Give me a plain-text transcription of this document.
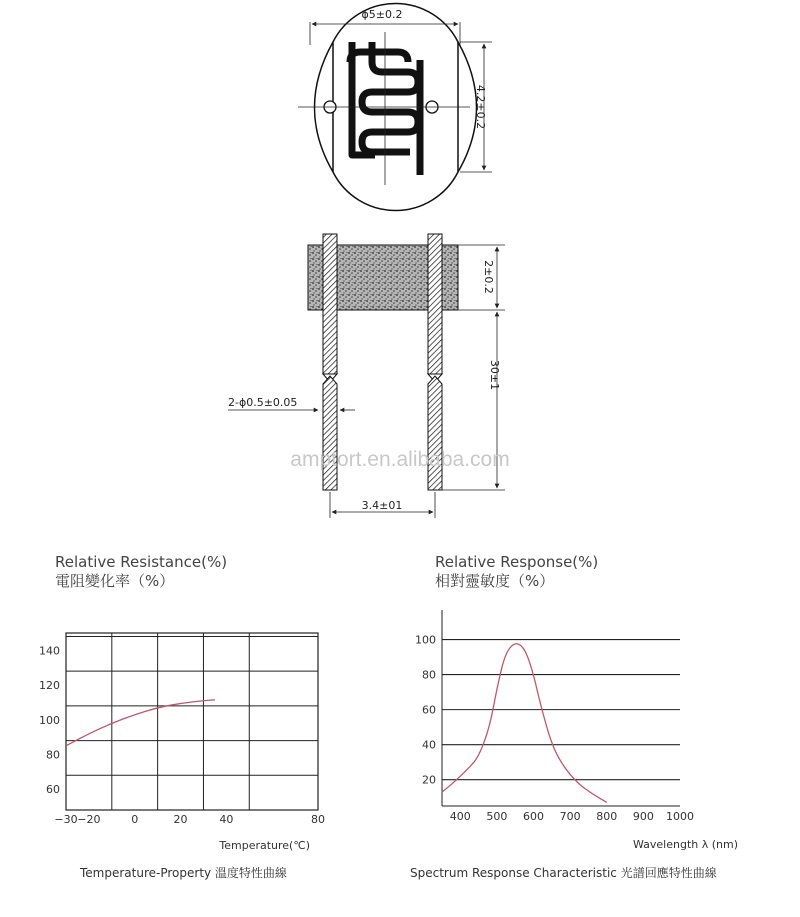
ϕ5±0.2
4.2±0.2
2±0.2
30±1
2-ϕ0.5±0.05
3.4±01
amptort.en.alibaba.com
60
80
100
120
140
−30 −20	0	20	40	80
Temperature(℃)
20
40
60
80
100
400 500 600 700 800 900 1000
Wavelength λ (nm)
Relative Resistance(%)
電阻變化率（%）
Relative Response(%)
相對靈敏度（%）
Temperature-Property 溫度特性曲線	Spectrum Response Characteristic 光譜回應特性曲線
